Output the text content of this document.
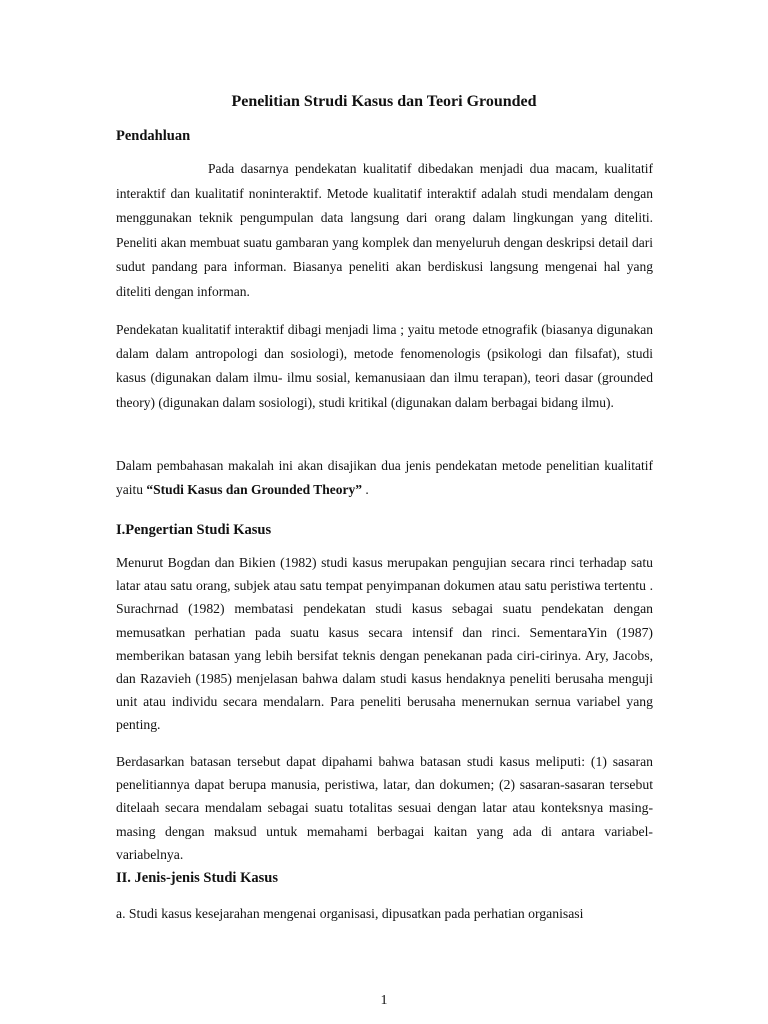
Penelitian Strudi Kasus dan Teori Grounded
Pendahluan

Pada dasarnya pendekatan kualitatif dibedakan menjadi dua macam, kualitatif interaktif dan kualitatif noninteraktif. Metode kualitatif interaktif adalah studi mendalam dengan menggunakan teknik pengumpulan data langsung dari orang dalam lingkungan yang diteliti. Peneliti akan membuat suatu gambaran yang komplek dan menyeluruh dengan deskripsi detail dari sudut pandang para informan. Biasanya peneliti akan berdiskusi langsung mengenai hal yang diteliti dengan informan.

Pendekatan kualitatif interaktif dibagi menjadi lima ; yaitu metode etnografik (biasanya digunakan dalam dalam antropologi dan sosiologi), metode fenomenologis (psikologi dan filsafat), studi kasus (digunakan dalam ilmu- ilmu sosial, kemanusiaan dan ilmu terapan), teori dasar (grounded theory) (digunakan dalam sosiologi), studi kritikal (digunakan dalam berbagai bidang ilmu).

Dalam pembahasan makalah ini akan disajikan dua jenis pendekatan metode penelitian kualitatif yaitu “Studi Kasus dan Grounded Theory” .

I.Pengertian Studi Kasus

Menurut Bogdan dan Bikien (1982) studi kasus merupakan pengujian secara rinci terhadap satu latar atau satu orang, subjek atau satu tempat penyimpanan dokumen atau satu peristiwa tertentu . Surachrnad (1982) membatasi pendekatan studi kasus sebagai suatu pendekatan dengan memusatkan perhatian pada suatu kasus secara intensif dan rinci. SementaraYin (1987) memberikan batasan yang lebih bersifat teknis dengan penekanan pada ciri-cirinya. Ary, Jacobs, dan Razavieh (1985) menjelasan bahwa dalam studi kasus hendaknya peneliti berusaha menguji unit atau individu secara mendalarn. Para peneliti berusaha menernukan sernua variabel yang penting.

Berdasarkan batasan tersebut dapat dipahami bahwa batasan studi kasus meliputi: (1) sasaran penelitiannya dapat berupa manusia, peristiwa, latar, dan dokumen; (2) sasaran-sasaran tersebut ditelaah secara mendalam sebagai suatu totalitas sesuai dengan latar atau konteksnya masing-masing dengan maksud untuk memahami berbagai kaitan yang ada di antara variabel-variabelnya.

II. Jenis-jenis Studi Kasus

a. Studi kasus kesejarahan mengenai organisasi, dipusatkan pada perhatian organisasi

1
